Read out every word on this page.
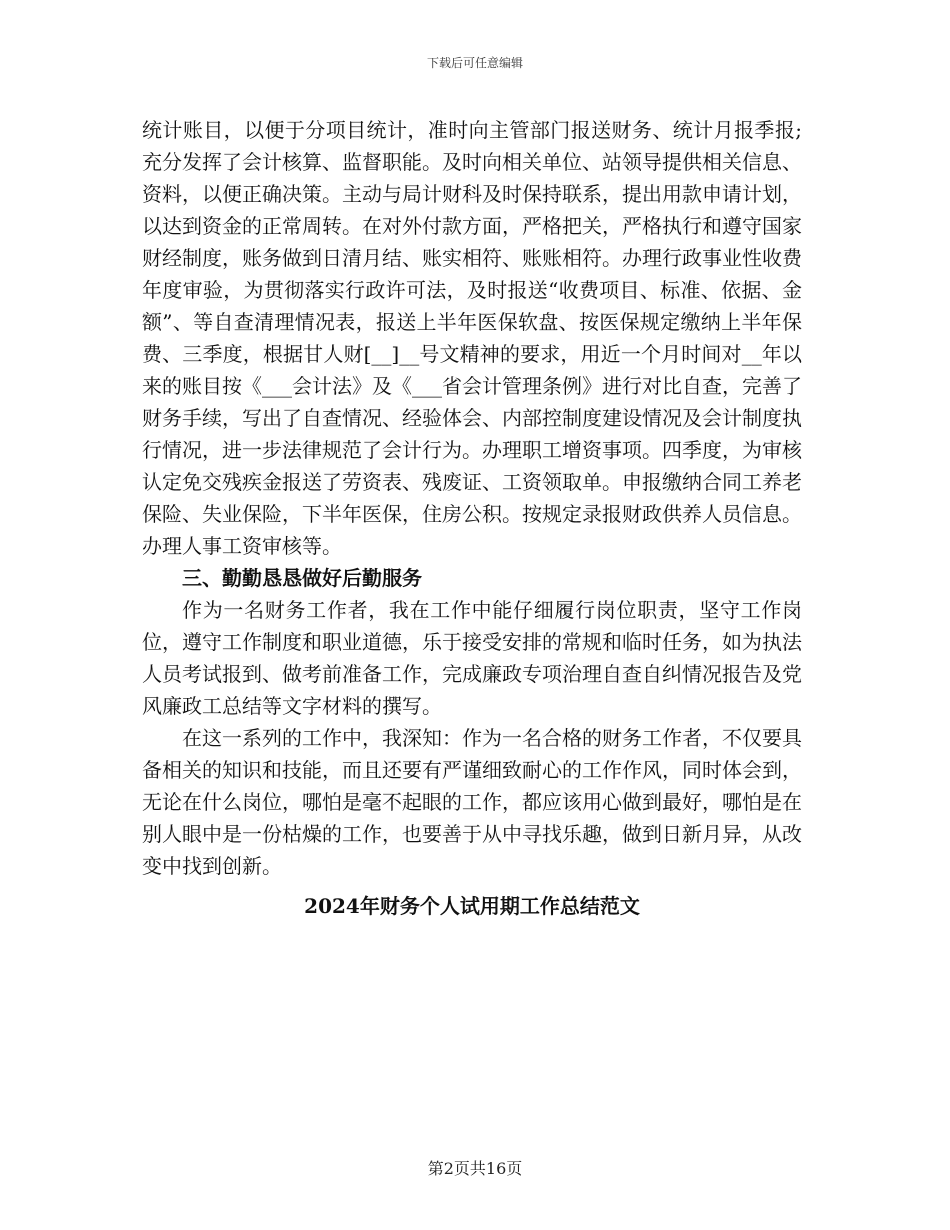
下载后可任意编辑

统计账目，以便于分项目统计，准时向主管部门报送财务、统计月报季报;充分发挥了会计核算、监督职能。及时向相关单位、站领导提供相关信息、资料，以便正确决策。主动与局计财科及时保持联系，提出用款申请计划，以达到资金的正常周转。在对外付款方面，严格把关，严格执行和遵守国家财经制度，账务做到日清月结、账实相符、账账相符。办理行政事业性收费年度审验，为贯彻落实行政许可法，及时报送“收费项目、标准、依据、金额”、等自查清理情况表，报送上半年医保软盘、按医保规定缴纳上半年保费、三季度，根据甘人财[__]__号文精神的要求，用近一个月时间对__年以来的账目按《___会计法》及《___省会计管理条例》进行对比自查，完善了财务手续，写出了自查情况、经验体会、内部控制度建设情况及会计制度执行情况，进一步法律规范了会计行为。办理职工增资事项。四季度，为审核认定免交残疾金报送了劳资表、残废证、工资领取单。申报缴纳合同工养老保险、失业保险，下半年医保，住房公积。按规定录报财政供养人员信息。办理人事工资审核等。

三、勤勤恳恳做好后勤服务

作为一名财务工作者，我在工作中能仔细履行岗位职责，坚守工作岗位，遵守工作制度和职业道德，乐于接受安排的常规和临时任务，如为执法人员考试报到、做考前准备工作，完成廉政专项治理自查自纠情况报告及党风廉政工总结等文字材料的撰写。

在这一系列的工作中，我深知：作为一名合格的财务工作者，不仅要具备相关的知识和技能，而且还要有严谨细致耐心的工作作风，同时体会到，无论在什么岗位，哪怕是毫不起眼的工作，都应该用心做到最好，哪怕是在别人眼中是一份枯燥的工作，也要善于从中寻找乐趣，做到日新月异，从改变中找到创新。

2024年财务个人试用期工作总结范文

第2页共16页
